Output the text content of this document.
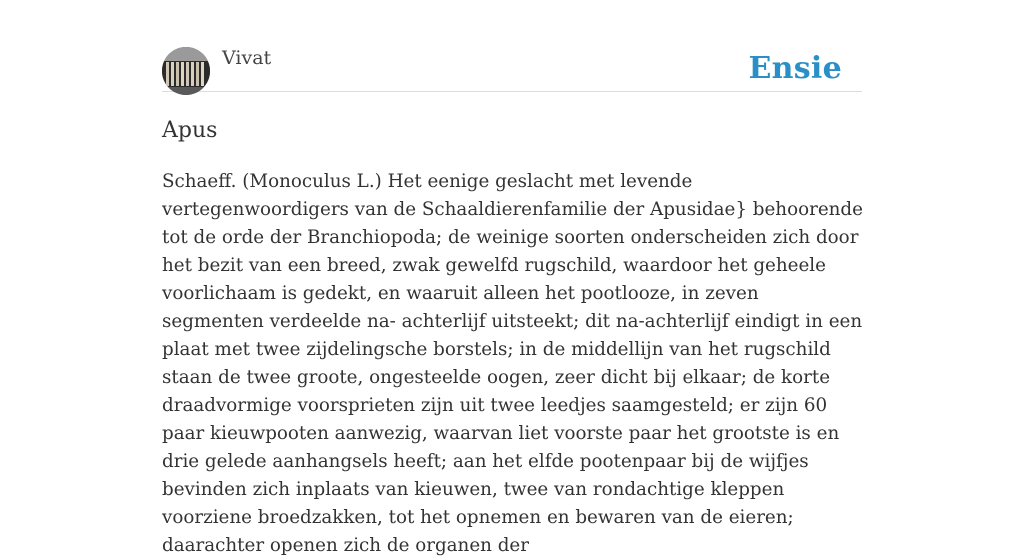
Vivat	Ensie
Apus

Schaeff. (Monoculus L.) Het eenige geslacht met levende vertegenwoordigers van de Schaaldierenfamilie der Apusidae} behoorende tot de orde der Branchiopoda; de weinige soorten onderscheiden zich door het bezit van een breed, zwak gewelfd rugschild, waardoor het geheele voorlichaam is gedekt, en waaruit alleen het pootlooze, in zeven segmenten verdeelde na- achterlijf uitsteekt; dit na-achterlijf eindigt in een plaat met twee zijdelingsche borstels; in de middellijn van het rugschild staan de twee groote, ongesteelde oogen, zeer dicht bij elkaar; de korte draadvormige voorsprieten zijn uit twee leedjes saamgesteld; er zijn 60 paar kieuwpooten aanwezig, waarvan liet voorste paar het grootste is en drie gelede aanhangsels heeft; aan het elfde pootenpaar bij de wijfjes bevinden zich inplaats van kieuwen, twee van rondachtige kleppen voorziene broedzakken, tot het opnemen en bewaren van de eieren; daarachter openen zich de organen der
